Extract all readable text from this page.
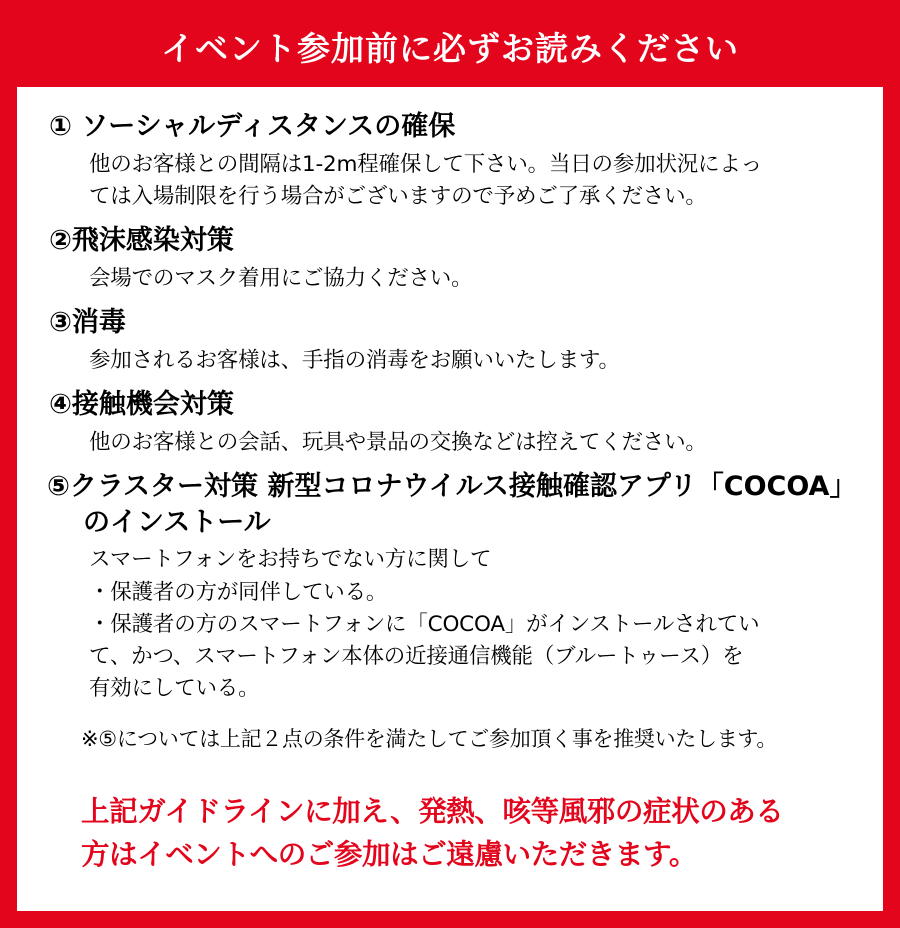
イベント参加前に必ずお読みください
① ソーシャルディスタンスの確保
他のお客様との間隔は1-2m程確保して下さい。当日の参加状況によっ
ては入場制限を行う場合がございますので予めご了承ください。
②飛沫感染対策
会場でのマスク着用にご協力ください。
③消毒
参加されるお客様は、手指の消毒をお願いいたします。
④接触機会対策
他のお客様との会話、玩具や景品の交換などは控えてください。
⑤クラスター対策 新型コロナウイルス接触確認アプリ「COCOA」のインストール
スマートフォンをお持ちでない方に関して
・保護者の方が同伴している。
・保護者の方のスマートフォンに「COCOA」がインストールされてい
て、かつ、スマートフォン本体の近接通信機能（ブルートゥース）を
有効にしている。
※⑤については上記２点の条件を満たしてご参加頂く事を推奨いたします。
上記ガイドラインに加え、発熱、咳等風邪の症状のある
方はイベントへのご参加はご遠慮いただきます。
